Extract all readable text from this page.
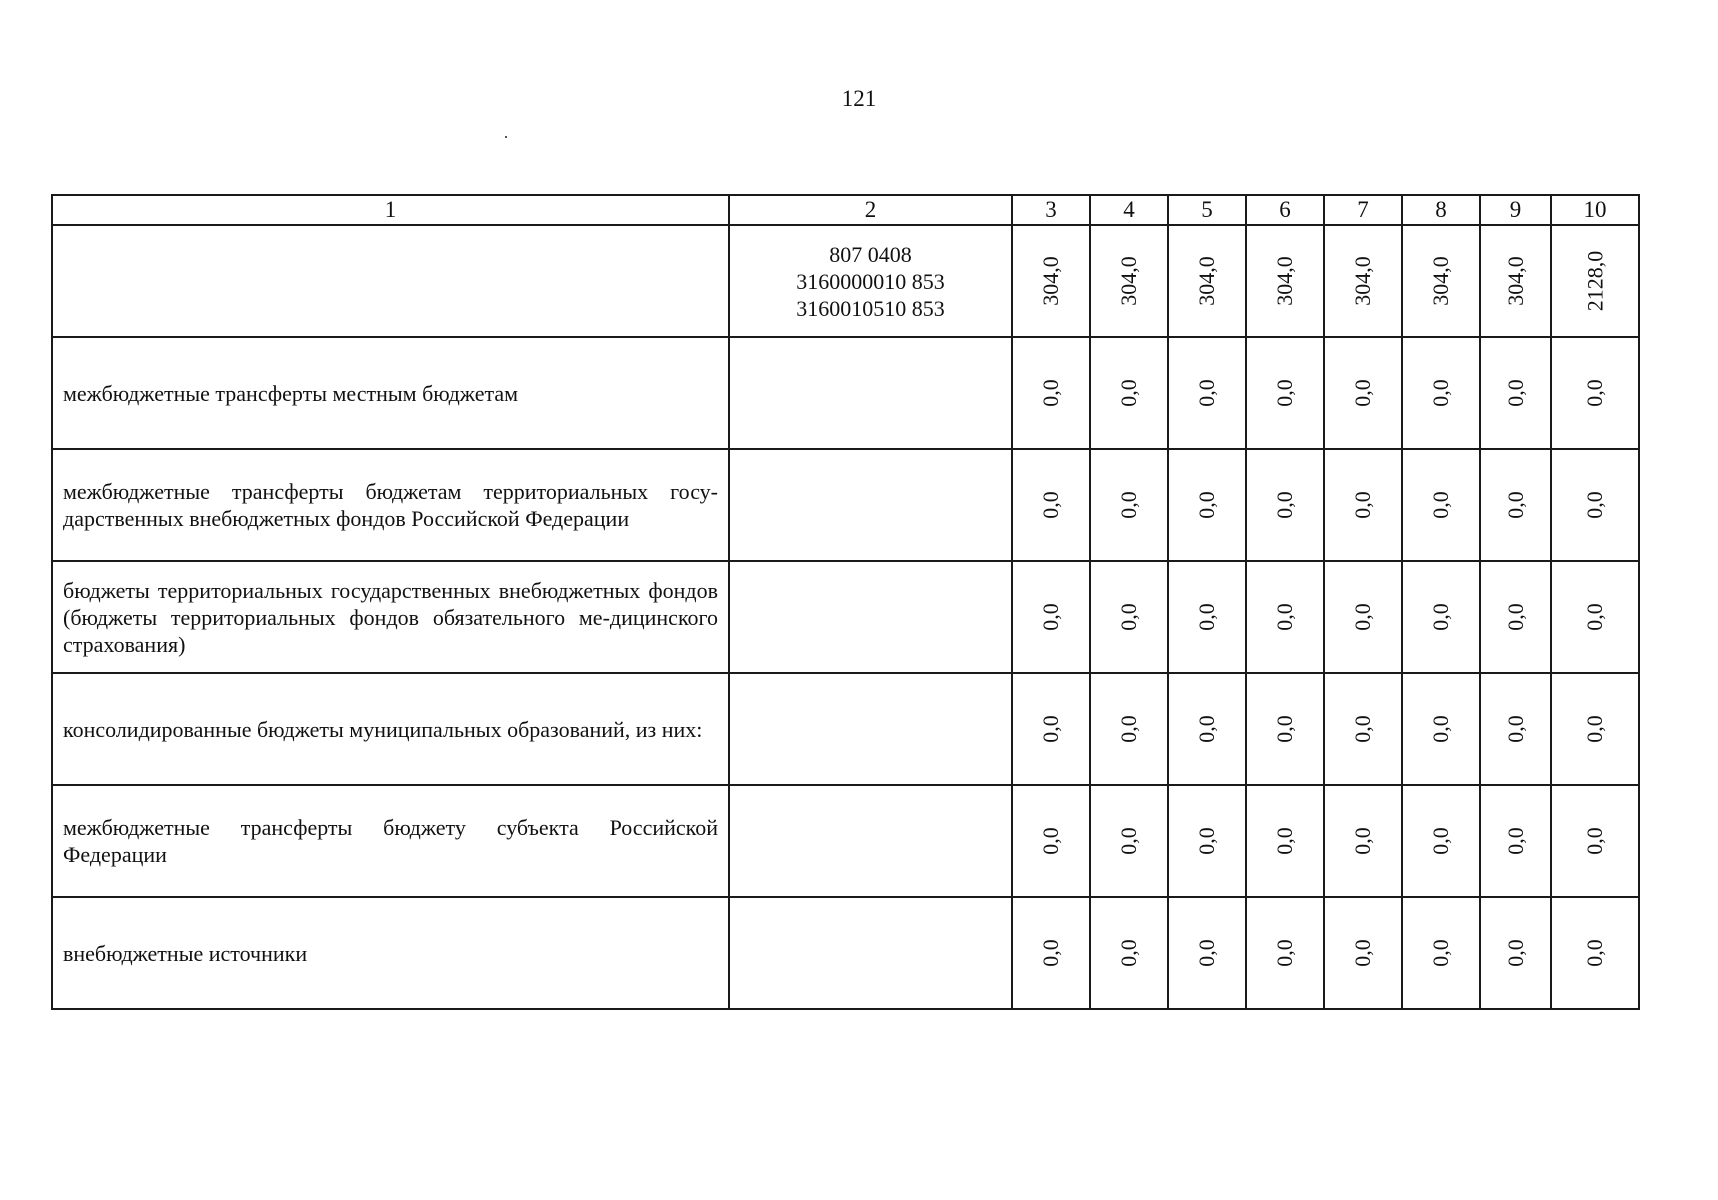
121
1	2	3	4	5	6	7	8	9	10

	807 0408
3160000010 853
3160010510 853	304,0	304,0	304,0	304,0	304,0	304,0	304,0	2128,0
межбюджетные трансферты местным бюджетам		0,0	0,0	0,0	0,0	0,0	0,0	0,0	0,0
межбюджетные трансферты бюджетам территориальных госу-дарственных внебюджетных фондов Российской Федерации		0,0	0,0	0,0	0,0	0,0	0,0	0,0	0,0
бюджеты территориальных государственных внебюджетных фондов (бюджеты территориальных фондов обязательного ме-дицинского страхования)		0,0	0,0	0,0	0,0	0,0	0,0	0,0	0,0
консолидированные бюджеты муниципальных образований, из них:		0,0	0,0	0,0	0,0	0,0	0,0	0,0	0,0
межбюджетные трансферты бюджету субъекта Российской Федерации		0,0	0,0	0,0	0,0	0,0	0,0	0,0	0,0
внебюджетные источники		0,0	0,0	0,0	0,0	0,0	0,0	0,0	0,0
